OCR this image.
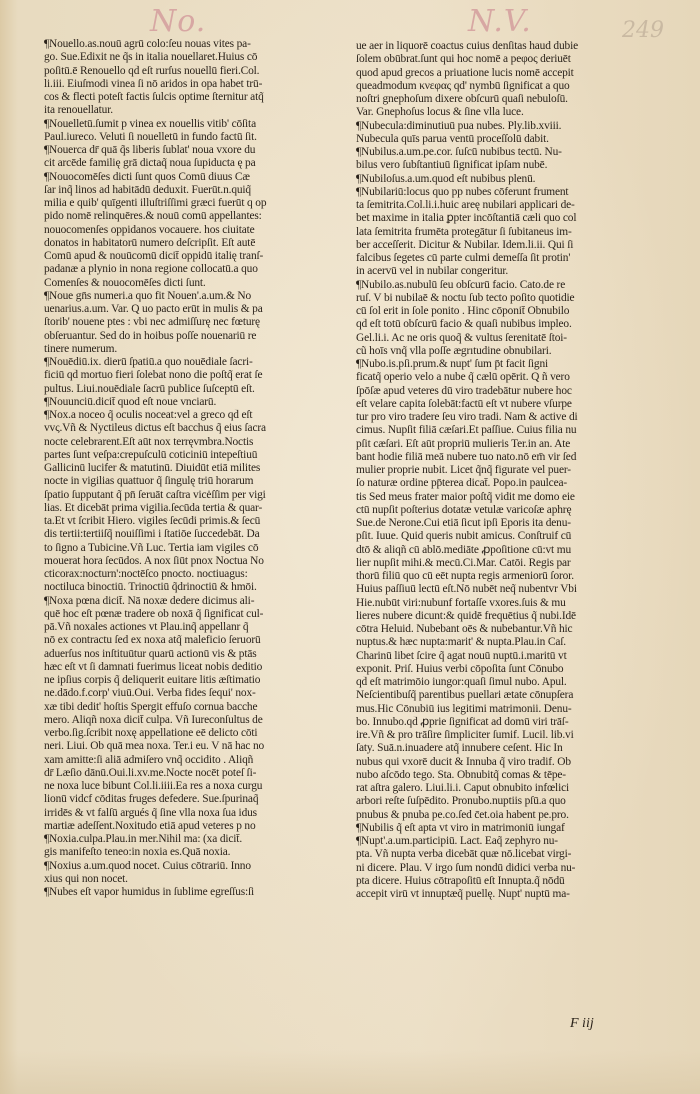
No.	N.V.	249
¶Nouello.as.nouū agrū colo:ſeu nouas vites pa-
go. Sue.Edixit ne q̃s in italia nouellaret.Huius cō
poſitū.ē Renouello qd̄ eſt rurſus nouellū fieri.Col.
li.iii. Eiuſmodi vinea ſi nō aridos in opa habet trū-
cos & flecti poteſt factis ſulcis optime ſternitur atq̃
ita renouellatur.
¶Nouelletū.ſumit p vinea ex nouellis vitib' cōſita
Paul.iureco. Veluti ſi nouelletū in fundo factū ſit.
¶Nouerca dr̄ quā q̃s liberis ſublat' noua vxore du
cit arcēde familię grā dictaq̃ noua ſupiducta ę pa
¶Nouocomēſes dicti ſunt quos Comū diuus Cæ
ſar inq̃ linos ad habitādū deduxit. Fuerūt.n.quiq̃
milia e quib' quīgenti illuſtriſſimi græci fuerūt q op
pido nomē relinquēres.& nouū comū appellantes:
nouocomenſes oppidanos vocauere. hos ciuitate
donatos in habitatorū numero deſcripſit. Eſt autē
Comū apud & nouūcomū dicit̄ oppidū italię tranſ-
padanæ a plynio in nona regione collocatū.a quo
Comenſes & nouocomēſes dicti ſunt.
¶Noue gn̄s numeri.a quo fit Nouen'.a.um.& No
uenarius.a.um. Var. Q uo pacto erūt in mulis & pa
ſtorib' nouene ptes : vbi nec admiſſurę nec fœturę
obſeruantur. Sed do in hoibus poſſe nouenariū re
tinere numerum.
¶Nouēdiū.ix. dierū ſpatiū.a quo nouēdiale ſacri-
ficiū qd̄ mortuo fieri ſolebat nono die poſtq̃ erat ſe
pultus. Liui.nouēdiale ſacrū publice ſuſceptū eſt.
¶Nouunciū.dicit̄ quod eſt noue vnciarū.
¶Nox.a noceo q̃ oculis noceat:vel a greco qd̄ eſt
vvς.Vñ & Nyctileus dictus eſt bacchus q̃ eius ſacra
nocte celebrarent.Eſt aūt nox terręvmbra.Noctis
partes ſunt veſpa:crepuſculū coticiniū intepeſtiuū
Gallicinū lucifer & matutinū. Diuidūt etiā milites
nocte in vigilias quattuor q̃ ſingulę triū horarum
ſpatio ſupputant q̃ pn̄ ſeruāt caſtra vicėſſim per vigi
lias. Et dicebāt prima vigilia.ſecūda tertia & quar-
ta.Et vt ſcribit Hiero. vigiles ſecūdi primis.& ſecū
dis tertii:tertiiſq̃ nouiſſimi i ſtatiōe ſuccedebāt. Da
to ſigno a Tubicine.Vñ Luc. Tertia iam vigiles cō
mouerat hora ſecūdos. A nox ſiūt pnox Noctua No
cticorax:nocturn':noctēſco pnocto. noctiuagus:
noctiluca binoctiū. Trinoctiū q̃drinoctiū & hmōi.
¶Noxa pœna dicit̄. Nā noxæ dedere dicimus ali-
quē hoc eſt pœnæ tradere ob noxā q̃ ſignificat cul-
pā.Vñ noxales actiones vt Plau.inq̃ appellanr q̃
nō ex contractu ſed ex noxa atq̃ maleficio ſeruorū
aduerſus nos inſtituūtur quarū actionū vis & ptās
hæc eſt vt ſi damnati fuerimus liceat nobis deditio
ne ipſius corpis q̃ deliquerit euitare litis æſtimatio
ne.dādo.f.corp' viuū.Oui. Verba fides ſequi' nox-
xæ tibi dedit' hoſtis Spergit effuſo cornua bacche
mero. Aliqñ noxa dicit̄ culpa. Vñ Iureconſultus de
verbo.ſig.ſcribit noxę appellatione eē delicto cōti
neri. Liui. Ob quā mea noxa. Ter.i eu. V nā hac no
xam amitte:ſi aliā admiſero vnq̃ occidito . Aliqñ
dr̄ Læſio dānū.Oui.li.xv.me.Nocte nocēt poteſ ſi-
ne noxa luce bibunt Col.li.iiii.Ea res a noxa curgu
lionū vidcf cōditas fruges defedere. Sue.ſpurinaq̃
irridēs & vt falſū argués q̃ ſine vlla noxa ſua idus
martiæ adeſſent.Noxitudo etiā apud veteres p no
¶Noxia.culpa.Plau.in mer.Nihil ma: (xa dicit̄.
gis manifeſto teneo:in noxia es.Quā noxia.
¶Noxius a.um.quod nocet. Cuius cōtrariū. Inno
xius qui non nocet.
¶Nubes eſt vapor humidus in ſublime egreſſus:ſi
ue aer in liquorē coactus cuius denſitas haud dubie
ſolem obūbrat.ſunt qui hoc nomē a peφος deriuēt
quod apud grecos a priuatione lucis nomē accepit
queadmodum κνεφας qd' nymbū ſignificat a quo
noſtri gnephoſum dixere obſcurū quaſi nebuloſū.
Var. Gnephoſus locus & ſine vlla luce.
¶Nubecula:diminutiuū pua nubes. Ply.lib.xviii.
Nubecula quīs parua ventū proceſſolū dabit.
¶Nubilus.a.um.pe.cor. ſuſcū nubibus tectū. Nu-
bilus vero ſubſtantiuū ſignificat ipſam nubē.
¶Nubiloſus.a.um.quod eſt nubibus plenū.
¶Nubilariū:locus quo pp nubes cōferunt frument
ta ſemitrita.Col.li.i.huic areę nubilari applicari de-
bet maxime in italia ꝑpter incōſtantiā cæli quo col
lata ſemitrita frumēta protegātur ſi ſubitaneus im-
ber acceſſerit. Dicitur & Nubilar. Idem.li.ii. Qui ſi
falcibus ſegetes cū parte culmi demeſſa ſit protin'
in acervū vel in nubilar congeritur.
¶Nubilo.as.nubulū ſeu obſcurū facio. Cato.de re
ruſ. V bi nubilaē & noctu ſub tecto poſito quotidie
cū ſol erit in ſole ponito . Hinc cōponit̄ Obnubilo
qd̄ eſt totū obſcurū facio & quaſi nubibus impleo.
Gel.li.i. Ac ne oris quoq̃ & vultus ſerenitatē ſtoi-
cũ hoīs vnq̃ vlla poſſe ægrıtudine obnubilari.
¶Nubo.is.pſi.prum.& nupt' ſum p̄t facit ſigni
ficatq̃ operio velo a nube q̃ cælū opērit. Q ñ vero
ſpōſæ apud veteres dū viro tradebātur nubere hoc
eſt velare capita ſolebāt:factū eſt vt nubere vſurpe
tur pro viro tradere ſeu viro tradi. Nam & active di
cimus. Nupſit filiā cæſari.Et paſſiue. Cuius filia nu
pſit cæſari. Eſt aūt propriū mulieris Ter.in an. Ate
bant hodie filiā meā nubere tuo nato.nō em̄ vir ſed
mulier proprie nubit. Licet q̃nq̃ figurate vel puer-
ſo naturæ ordine pp̄terea dicat̄. Popo.in paulcea-
tis Sed meus frater maior poſtq̃ vidit me domo eie
ctū nupſit poſterius dotatæ vetulæ varicoſæ aphrę
Sue.de Nerone.Cui etiā ſicut ipſi Eporis ita denu-
pſit. Iuue. Quid queris nubit amicus. Conſtruif cū
dtō & aliqñ cū ablō.mediāte ꝓpoſitione cū:vt mu
lier nupſit mihi.& mecū.Ci.Mar. Catōi. Regis par
thorū filiū quo cū eēt nupta regis armeniorū ſoror.
Huius paſſiuū lectū eſt.Nō nubēt neq̃ nubentvr Vbi
Hie.nubūt viri:nubunf fortaſſe vxores.ſuis & mu
lieres nubere dicunt:& quidē frequētius q̃ nubi.Idē
cōtra Heluid. Nubebant oēs & nubebantur.Vñ hic
nuptus.& hæc nupta:marit' & nupta.Plau.in Caſ.
Charinū libet ſcire q̃ agat nouū nuptū.i.maritū vt
exponit. Priſ. Huius verbi cōpoſita ſunt Cōnubo
qd̄ eſt matrimōio iungor:quaſi ſimul nubo. Apul.
Neſcientibuſq̃ parentibus puellari ætate cōnupſera
mus.Hic Cōnubiū ius legitimi matrimonii. Denu-
bo. Innubo.qd̄ ꝓprie ſignificat ad domū viri trāſ-
ire.Vñ & pro trāſire ſimpliciter ſumif. Lucil. lib.vi
ſaty. Suā.n.inuadere atq̃ innubere ceſent. Hic In
nubus qui vxorē ducit & Innuba q̃ viro tradif. Ob
nubo aſcōdo tego. Sta. Obnubitq̃ comas & tēpe-
rat aſtra galero. Liui.li.i. Caput obnubito infœlici
arbori reſte ſuſpēdito. Pronubo.nuptiis pſū.a quo
pnubus & pnuba pe.co.ſed c̄et.oia habent pe.pro.
¶Nubilis q̃ eſt apta vt viro in matrimoniū iungaf
¶Nupt'.a.um.participiū. Lact. Eaq̃ zephyro nu-
pta. Vñ nupta verba dicebāt quæ nō.licebat virgi-
ni dicere. Plau. V irgo ſum nondū didici verba nu-
pta dicere. Huius cōtrapoſitū eſt Innupta.q̃ nōdū
accepit virū vt innuptæq̃ puellę. Nupt' nuptū ma-
F iij
